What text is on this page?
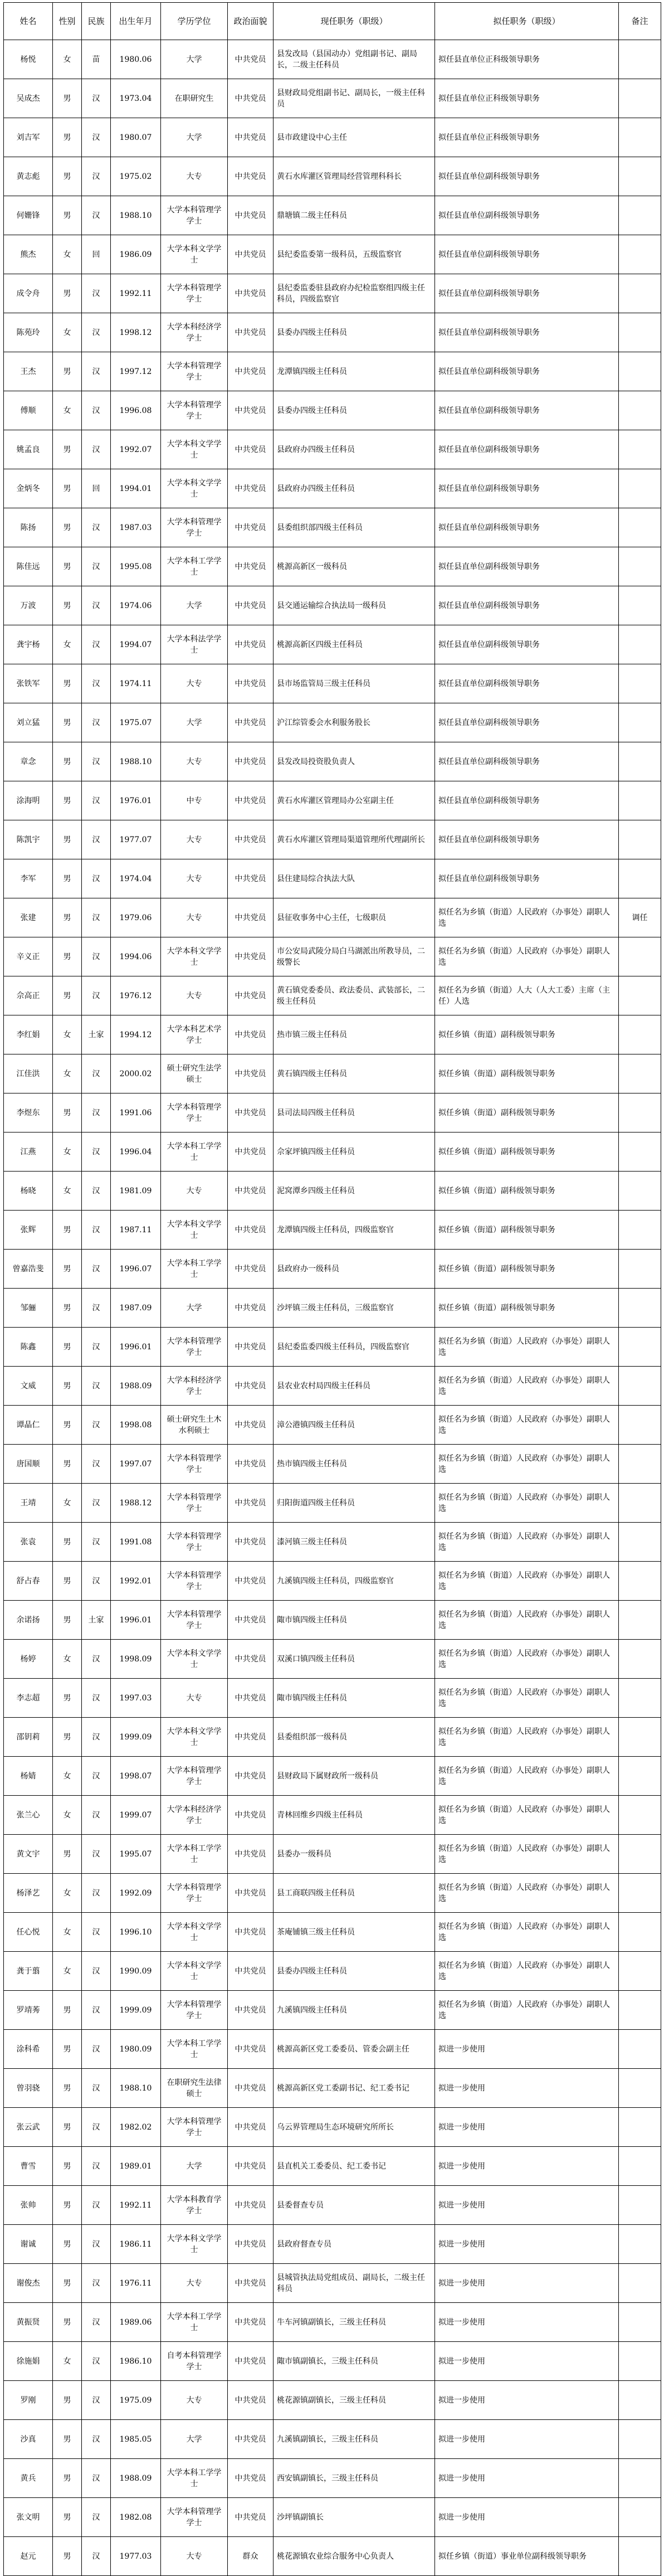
姓名	性别	民族	出生年月	学历学位	政治面貌	现任职务（职级）	拟任职务（职级）	备注
杨悦	女	苗	1980.06	大学	中共党员	县发改局（县国动办）党组副书记、副局长，二级主任科员	拟任县直单位正科级领导职务	
吴成杰	男	汉	1973.04	在职研究生	中共党员	县财政局党组副书记、副局长，一级主任科员	拟任县直单位正科级领导职务	
刘吉军	男	汉	1980.07	大学	中共党员	县市政建设中心主任	拟任县直单位正科级领导职务	
黄志彪	男	汉	1975.02	大专	中共党员	黄石水库灌区管理局经营管理科科长	拟任县直单位副科级领导职务	
何姗锋	男	汉	1988.10	大学本科管理学学士	中共党员	鼎塘镇二级主任科员	拟任县直单位副科级领导职务	
熊杰	女	回	1986.09	大学本科文学学士	中共党员	县纪委监委第一级科员，五级监察官	拟任县直单位副科级领导职务	
成令舟	男	汉	1992.11	大学本科管理学学士	中共党员	县纪委监委驻县政府办纪检监察组四级主任科员，四级监察官	拟任县直单位副科级领导职务	
陈苑玲	女	汉	1998.12	大学本科经济学学士	中共党员	县委办四级主任科员	拟任县直单位副科级领导职务	
王杰	男	汉	1997.12	大学本科管理学学士	中共党员	龙潭镇四级主任科员	拟任县直单位副科级领导职务	
傅顺	女	汉	1996.08	大学本科管理学学士	中共党员	县委办四级主任科员	拟任县直单位副科级领导职务	
姚孟良	男	汉	1992.07	大学本科文学学士	中共党员	县政府办四级主任科员	拟任县直单位副科级领导职务	
金炳冬	男	回	1994.01	大学本科文学学士	中共党员	县政府办四级主任科员	拟任县直单位副科级领导职务	
陈扬	男	汉	1987.03	大学本科管理学学士	中共党员	县委组织部四级主任科员	拟任县直单位副科级领导职务	
陈佳远	男	汉	1995.08	大学本科工学学士	中共党员	桃源高新区一级科员	拟任县直单位副科级领导职务	
万波	男	汉	1974.06	大学	中共党员	县交通运输综合执法局一级科员	拟任县直单位副科级领导职务	
龚宇杨	女	汉	1994.07	大学本科法学学士	中共党员	桃源高新区四级主任科员	拟任县直单位副科级领导职务	
张铁军	男	汉	1974.11	大专	中共党员	县市场监管局三级主任科员	拟任县直单位副科级领导职务	
刘立猛	男	汉	1975.07	大学	中共党员	沪江综管委会水利服务股长	拟任县直单位副科级领导职务	
章念	男	汉	1988.10	大专	中共党员	县发改局投资股负责人	拟任县直单位副科级领导职务	
涂海明	男	汉	1976.01	中专	中共党员	黄石水库灌区管理局办公室副主任	拟任县直单位副科级领导职务	
陈凯宇	男	汉	1977.07	大专	中共党员	黄石水库灌区管理局渠道管理所代理副所长	拟任县直单位副科级领导职务	
李军	男	汉	1974.04	大专	中共党员	县住建局综合执法大队	拟任县直单位副科级领导职务	
张建	男	汉	1979.06	大专	中共党员	县征收事务中心主任，七级职员	拟任名为乡镇（街道）人民政府（办事处）副职人选	调任
辛义正	男	汉	1994.06	大学本科文学学士	中共党员	市公安局武陵分局白马湖派出所教导员，二级警长	拟任名为乡镇（街道）人民政府（办事处）副职人选	
佘高正	男	汉	1976.12	大专	中共党员	黄石镇党委委员、政法委员、武装部长，二级主任科员	拟任名为乡镇（街道）人大（人大工委）主席（主任）人选	
李红娟	女	土家	1994.12	大学本科艺术学学士	中共党员	热市镇三级主任科员	拟任乡镇（街道）副科级领导职务	
江佳洪	女	汉	2000.02	硕士研究生法学硕士	中共党员	黄石镇四级主任科员	拟任乡镇（街道）副科级领导职务	
李煜东	男	汉	1991.06	大学本科管理学学士	中共党员	县司法局四级主任科员	拟任乡镇（街道）副科级领导职务	
江燕	女	汉	1996.04	大学本科工学学士	中共党员	佘家坪镇四级主任科员	拟任乡镇（街道）副科级领导职务	
杨晓	女	汉	1981.09	大专	中共党员	泥窝潭乡四级主任科员	拟任乡镇（街道）副科级领导职务	
张辉	男	汉	1987.11	大学本科文学学士	中共党员	龙潭镇四级主任科员，四级监察官	拟任乡镇（街道）副科级领导职务	
曾嘉浩斐	男	汉	1996.07	大学本科工学学士	中共党员	县政府办一级科员	拟任乡镇（街道）副科级领导职务	
邹骊	男	汉	1987.09	大学	中共党员	沙坪镇三级主任科员，三级监察官	拟任乡镇（街道）副科级领导职务	
陈鑫	男	汉	1996.01	大学本科管理学学士	中共党员	县纪委监委四级主任科员，四级监察官	拟任名为乡镇（街道）人民政府（办事处）副职人选	
文威	男	汉	1988.09	大学本科经济学学士	中共党员	县农业农村局四级主任科员	拟任名为乡镇（街道）人民政府（办事处）副职人选	
谭晶仁	男	汉	1998.08	硕士研究生土木水利硕士	中共党员	漳公港镇四级主任科员	拟任名为乡镇（街道）人民政府（办事处）副职人选	
唐国顺	男	汉	1997.07	大学本科管理学学士	中共党员	热市镇四级主任科员	拟任名为乡镇（街道）人民政府（办事处）副职人选	
王靖	女	汉	1988.12	大学本科管理学学士	中共党员	归阳街道四级主任科员	拟任名为乡镇（街道）人民政府（办事处）副职人选	
张袁	男	汉	1991.08	大学本科管理学学士	中共党员	漆河镇三级主任科员	拟任名为乡镇（街道）人民政府（办事处）副职人选	
舒占春	男	汉	1992.01	大学本科管理学学士	中共党员	九溪镇四级主任科员，四级监察官	拟任名为乡镇（街道）人民政府（办事处）副职人选	
余诺扬	男	土家	1996.01	大学本科管理学学士	中共党员	陬市镇四级主任科员	拟任名为乡镇（街道）人民政府（办事处）副职人选	
杨婷	女	汉	1998.09	大学本科文学学士	中共党员	双溪口镇四级主任科员	拟任名为乡镇（街道）人民政府（办事处）副职人选	
李志超	男	汉	1997.03	大专	中共党员	陬市镇四级主任科员	拟任名为乡镇（街道）人民政府（办事处）副职人选	
邵钥莉	男	汉	1999.09	大学本科文学学士	中共党员	县委组织部一级科员	拟任名为乡镇（街道）人民政府（办事处）副职人选	
杨婧	女	汉	1998.07	大学本科管理学学士	中共党员	县财政局下属财政所一级科员	拟任名为乡镇（街道）人民政府（办事处）副职人选	
张兰心	女	汉	1999.07	大学本科经济学学士	中共党员	青林回维乡四级主任科员	拟任名为乡镇（街道）人民政府（办事处）副职人选	
黄文宇	男	汉	1995.07	大学本科工学学士	中共党员	县委办一级科员	拟任名为乡镇（街道）人民政府（办事处）副职人选	
杨泽艺	女	汉	1992.09	大学本科管理学学士	中共党员	县工商联四级主任科员	拟任名为乡镇（街道）人民政府（办事处）副职人选	
任心悦	女	汉	1996.10	大学本科文学学士	中共党员	茶庵铺镇三级主任科员	拟任名为乡镇（街道）人民政府（办事处）副职人选	
龚于翦	女	汉	1990.09	大学本科文学学士	中共党员	县委办四级主任科员	拟任名为乡镇（街道）人民政府（办事处）副职人选	
罗靖莠	男	汉	1999.09	大学本科管理学学士	中共党员	九溪镇四级主任科员	拟任名为乡镇（街道）人民政府（办事处）副职人选	
涂科希	男	汉	1980.09	大学本科工学学士	中共党员	桃源高新区党工委委员、管委会副主任	拟进一步使用	
曾羽骁	男	汉	1988.10	在职研究生法律硕士	中共党员	桃源高新区党工委副书记、纪工委书记	拟进一步使用	
张云武	男	汉	1982.02	大学本科管理学学士	中共党员	乌云界管理局生态环境研究所所长	拟进一步使用	
曹雪	男	汉	1989.01	大学	中共党员	县直机关工委委员、纪工委书记	拟进一步使用	
张帅	男	汉	1992.11	大学本科教育学学士	中共党员	县委督查专员	拟进一步使用	
谢诚	男	汉	1986.11	大学本科文学学士	中共党员	县政府督查专员	拟进一步使用	
谢俊杰	男	汉	1976.11	大专	中共党员	县城管执法局党组成员、副局长，二级主任科员	拟进一步使用	
黄振贤	男	汉	1989.06	大学本科工学学士	中共党员	牛车河镇副镇长，三级主任科员	拟进一步使用	
徐施娟	女	汉	1986.10	自考本科管理学学士	中共党员	陬市镇副镇长，三级主任科员	拟进一步使用	
罗刚	男	汉	1975.09	大专	中共党员	桃花源镇副镇长，三级主任科员	拟进一步使用	
沙真	男	汉	1985.05	大学	中共党员	九溪镇副镇长，三级主任科员	拟进一步使用	
黄兵	男	汉	1988.09	大学本科工学学士	中共党员	西安镇副镇长，三级主任科员	拟进一步使用	
张文明	男	汉	1982.08	大学本科管理学学士	中共党员	沙坪镇副镇长	拟进一步使用	
赵元	男	汉	1977.03	大专	群众	桃花源镇农业综合服务中心负责人	拟任乡镇（街道）事业单位副科级领导职务	
